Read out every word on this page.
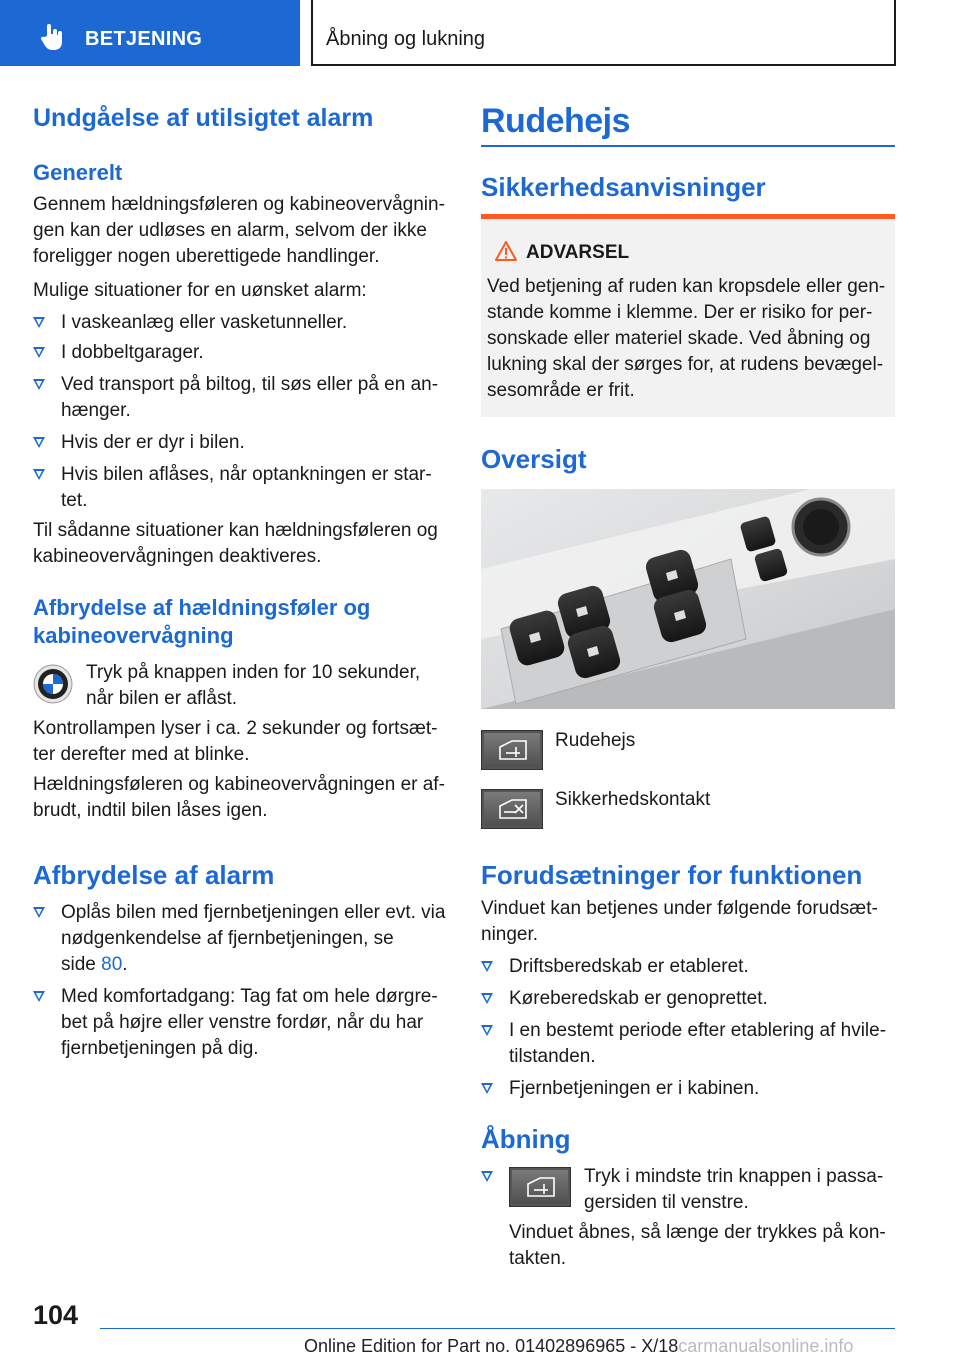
BETJENING	Åbning og lukning
Undgåelse af utilsigtet alarm
Generelt
Gennem hældningsføleren og kabineovervågnin-
gen kan der udløses en alarm, selvom der ikke
foreligger nogen uberettigede handlinger.
Mulige situationer for en uønsket alarm:
I vaskeanlæg eller vasketunneller.
I dobbeltgarager.
Ved transport på biltog, til søs eller på en an-
hænger.
Hvis der er dyr i bilen.
Hvis bilen aflåses, når optankningen er star-
tet.
Til sådanne situationer kan hældningsføleren og
kabineovervågningen deaktiveres.
Afbrydelse af hældningsføler og
kabineovervågning
Tryk på knappen inden for 10 sekunder,
når bilen er aflåst.
Kontrollampen lyser i ca. 2 sekunder og fortsæt-
ter derefter med at blinke.
Hældningsføleren og kabineovervågningen er af-
brudt, indtil bilen låses igen.
Afbrydelse af alarm
Oplås bilen med fjernbetjeningen eller evt. via
nødgenkendelse af fjernbetjeningen, se
side 80.
Med komfortadgang: Tag fat om hele dørgre-
bet på højre eller venstre fordør, når du har
fjernbetjeningen på dig.
Rudehejs
Sikkerhedsanvisninger
ADVARSEL
Ved betjening af ruden kan kropsdele eller gen-
stande komme i klemme. Der er risiko for per-
sonskade eller materiel skade. Ved åbning og
lukning skal der sørges for, at rudens bevægel-
sesområde er frit.
Oversigt
Rudehejs
Sikkerhedskontakt
Forudsætninger for funktionen
Vinduet kan betjenes under følgende forudsæt-
ninger.
Driftsberedskab er etableret.
Køreberedskab er genoprettet.
I en bestemt periode efter etablering af hvile-
tilstanden.
Fjernbetjeningen er i kabinen.
Åbning
Tryk i mindste trin knappen i passa-
gersiden til venstre.
Vinduet åbnes, så længe der trykkes på kon-
takten.
104
Online Edition for Part no. 01402896965 - X/18carmanualsonline.info
